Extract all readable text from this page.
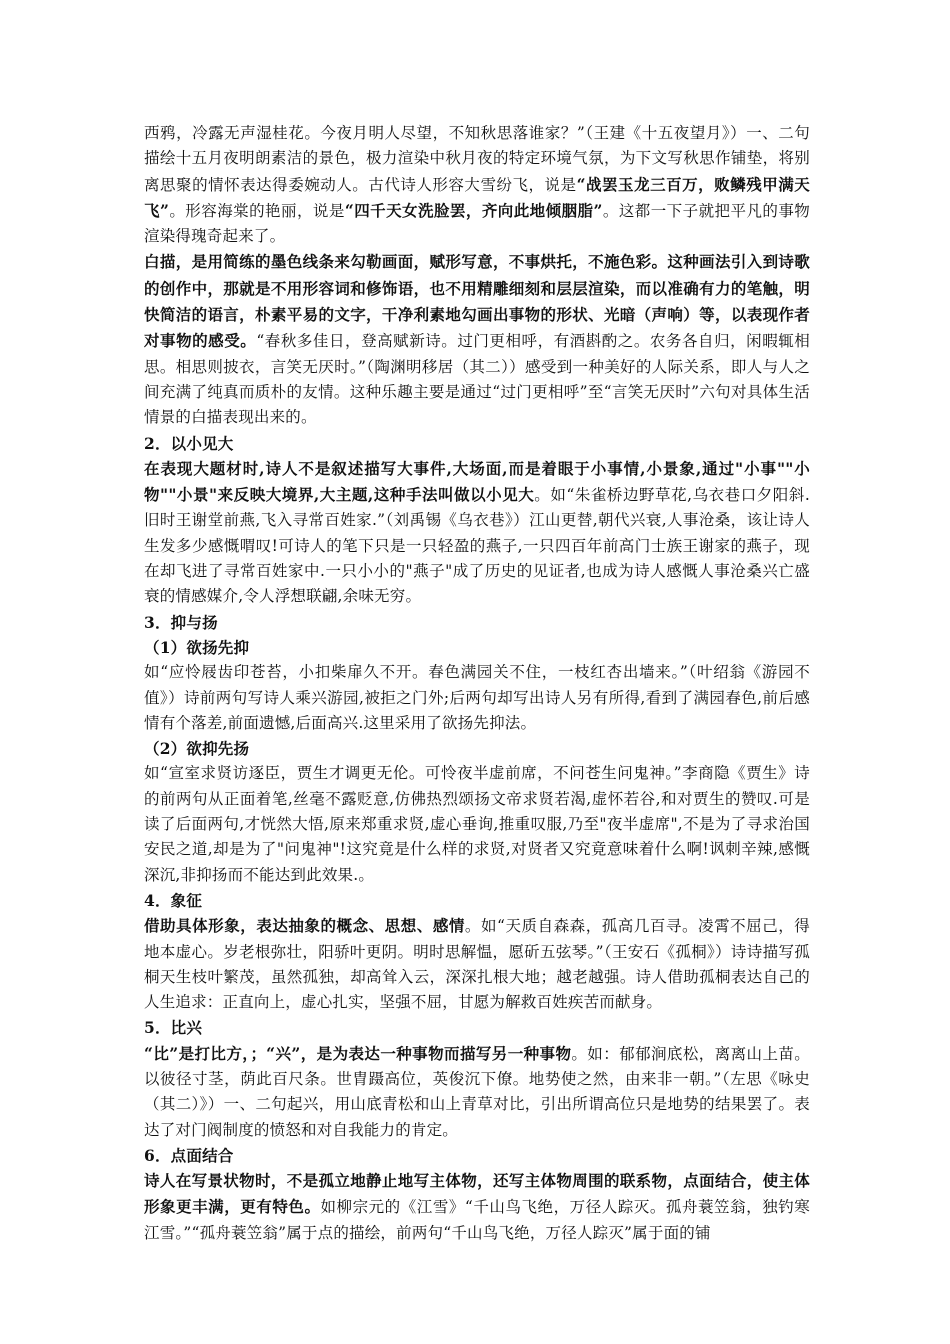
西鸦，冷露无声湿桂花。今夜月明人尽望，不知秋思落谁家？”（王建《十五夜望月》）一、二句描绘十五月夜明朗素洁的景色，极力渲染中秋月夜的特定环境气氛，为下文写秋思作铺垫，将别离思聚的情怀表达得委婉动人。古代诗人形容大雪纷飞，说是“战罢玉龙三百万，败鳞残甲满天飞”。形容海棠的艳丽，说是“四千天女洗脸罢，齐向此地倾胭脂”。这都一下子就把平凡的事物渲染得瑰奇起来了。

白描，是用简练的墨色线条来勾勒画面，赋形写意，不事烘托，不施色彩。这种画法引入到诗歌的创作中，那就是不用形容词和修饰语，也不用精雕细刻和层层渲染，而以准确有力的笔触，明快简洁的语言，朴素平易的文字，干净利素地勾画出事物的形状、光暗（声响）等，以表现作者对事物的感受。“春秋多佳日，登高赋新诗。过门更相呼，有酒斟酌之。农务各自归，闲暇辄相思。相思则披衣，言笑无厌时。”（陶渊明移居（其二））感受到一种美好的人际关系，即人与人之间充满了纯真而质朴的友情。这种乐趣主要是通过“过门更相呼”至“言笑无厌时”六句对具体生活情景的白描表现出来的。

2．以小见大

在表现大题材时,诗人不是叙述描写大事件,大场面,而是着眼于小事情,小景象,通过"小事""小物""小景"来反映大境界,大主题,这种手法叫做以小见大。如“朱雀桥边野草花,乌衣巷口夕阳斜.旧时王谢堂前燕,飞入寻常百姓家.”（刘禹锡《乌衣巷》）江山更替,朝代兴衰,人事沧桑，该让诗人生发多少感慨喟叹!可诗人的笔下只是一只轻盈的燕子,一只四百年前高门士族王谢家的燕子，现在却飞进了寻常百姓家中.一只小小的"燕子"成了历史的见证者,也成为诗人感慨人事沧桑兴亡盛衰的情感媒介,令人浮想联翩,余味无穷。

3．抑与扬

（1）欲扬先抑

如“应怜屐齿印苍苔，小扣柴扉久不开。春色满园关不住，一枝红杏出墙来。”（叶绍翁《游园不值》）诗前两句写诗人乘兴游园,被拒之门外;后两句却写出诗人另有所得,看到了满园春色,前后感情有个落差,前面遗憾,后面高兴.这里采用了欲扬先抑法。

（2）欲抑先扬

如“宣室求贤访逐臣，贾生才调更无伦。可怜夜半虚前席，不问苍生问鬼神。”李商隐《贾生》诗的前两句从正面着笔,丝毫不露贬意,仿佛热烈颂扬文帝求贤若渴,虚怀若谷,和对贾生的赞叹.可是读了后面两句,才恍然大悟,原来郑重求贤,虚心垂询,推重叹服,乃至"夜半虚席",不是为了寻求治国安民之道,却是为了"问鬼神"!这究竟是什么样的求贤,对贤者又究竟意味着什么啊!讽刺辛辣,感慨深沉,非抑扬而不能达到此效果.。

4．象征

借助具体形象，表达抽象的概念、思想、感情。如“天质自森森，孤高几百寻。凌霄不屈己，得地本虚心。岁老根弥壮，阳骄叶更阴。明时思解愠，愿斫五弦琴。”（王安石《孤桐》）诗诗描写孤桐天生枝叶繁茂，虽然孤独，却高耸入云，深深扎根大地；越老越强。诗人借助孤桐表达自己的人生追求：正直向上，虚心扎实，坚强不屈，甘愿为解救百姓疾苦而献身。

5．比兴

“比”是打比方，；“兴”，是为表达一种事物而描写另一种事物。如：郁郁涧底松，离离山上苗。以彼径寸茎，荫此百尺条。世胄蹑高位，英俊沉下僚。地势使之然，由来非一朝。”（左思《咏史（其二）》）一、二句起兴，用山底青松和山上青草对比，引出所谓高位只是地势的结果罢了。表达了对门阀制度的愤怒和对自我能力的肯定。

6．点面结合

诗人在写景状物时，不是孤立地静止地写主体物，还写主体物周围的联系物，点面结合，使主体形象更丰满，更有特色。如柳宗元的《江雪》“千山鸟飞绝，万径人踪灭。孤舟蓑笠翁，独钓寒江雪。”“孤舟蓑笠翁”属于点的描绘，前两句“千山鸟飞绝，万径人踪灭”属于面的铺
